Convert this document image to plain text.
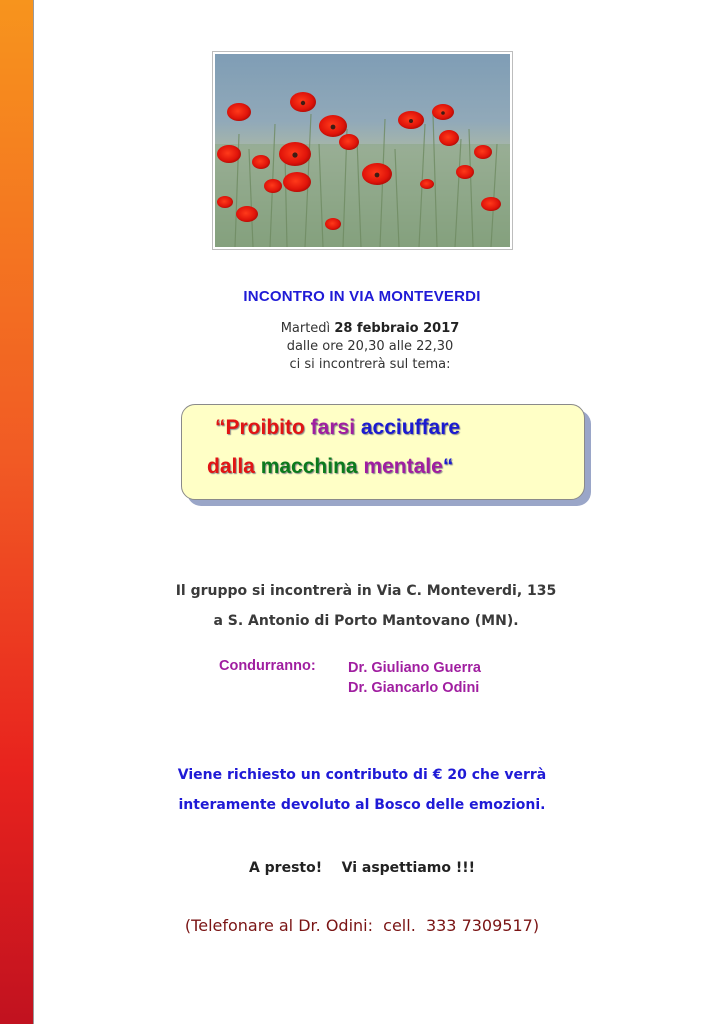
INCONTRO IN VIA MONTEVERDI
Martedì 28 febbraio 2017
dalle ore 20,30 alle 22,30
ci si incontrerà sul tema:
“Proibito farsi acciuffare
dalla macchina mentale“
Il gruppo si incontrerà in Via C. Monteverdi, 135
a S. Antonio di Porto Mantovano (MN).
Condurranno: Dr. Giuliano Guerra
Dr. Giancarlo Odini
Viene richiesto un contributo di € 20 che verrà
interamente devoluto al Bosco delle emozioni.
A presto!    Vi aspettiamo !!!
(Telefonare al Dr. Odini:  cell.  333 7309517)
